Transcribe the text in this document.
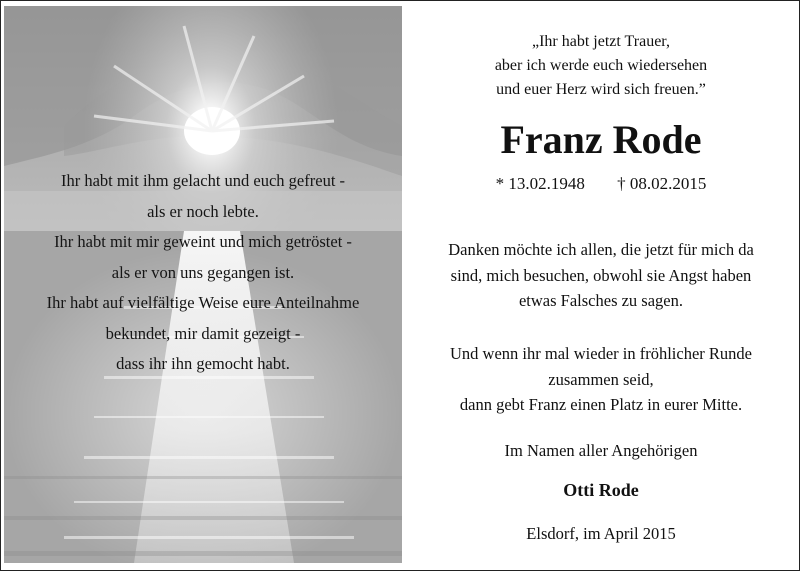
Ihr habt mit ihm gelacht und euch gefreut -
als er noch lebte.
Ihr habt mit mir geweint und mich getröstet -
als er von uns gegangen ist.
Ihr habt auf vielfältige Weise eure Anteilnahme
bekundet, mir damit gezeigt -
dass ihr ihn gemocht habt.
„Ihr habt jetzt Trauer,
aber ich werde euch wiedersehen
und euer Herz wird sich freuen.”
Franz Rode
* 13.02.1948 † 08.02.2015
Danken möchte ich allen, die jetzt für mich da
sind, mich besuchen, obwohl sie Angst haben
etwas Falsches zu sagen.
Und wenn ihr mal wieder in fröhlicher Runde
zusammen seid,
dann gebt Franz einen Platz in eurer Mitte.
Im Namen aller Angehörigen
Otti Rode
Elsdorf, im April 2015
